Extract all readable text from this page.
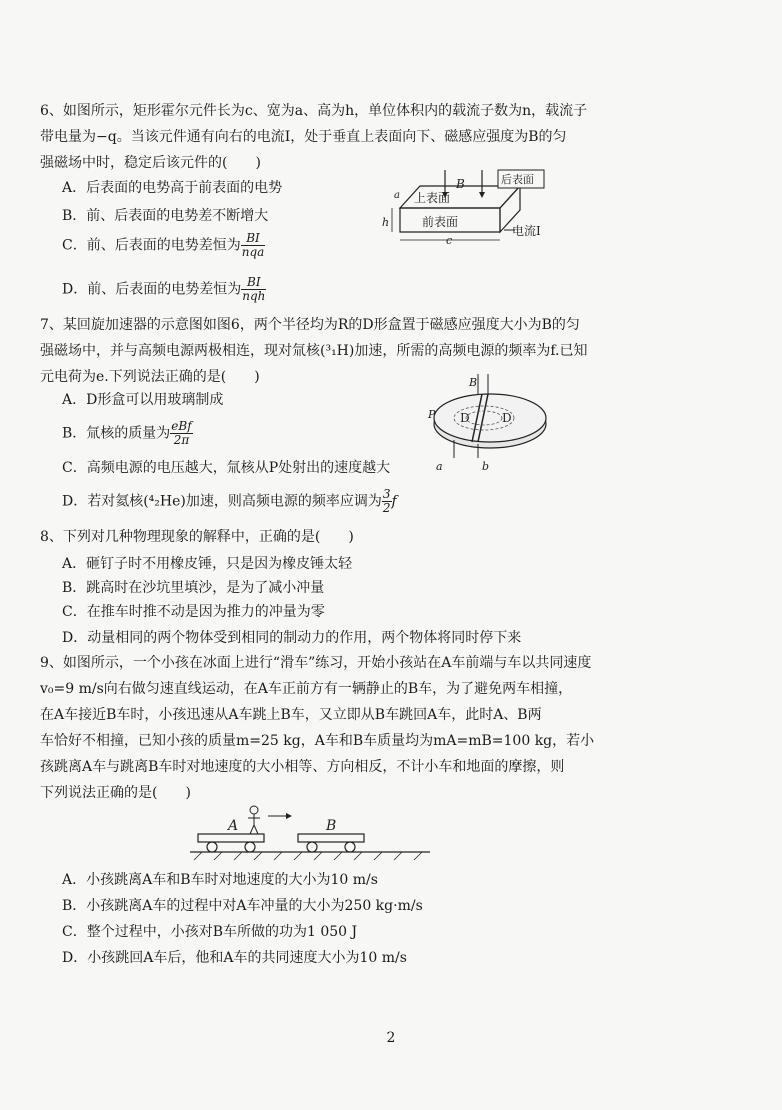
6、如图所示，矩形霍尔元件长为c、宽为a、高为h，单位体积内的载流子数为n，载流子

带电量为−q。当该元件通有向右的电流I，处于垂直上表面向下、磁感应强度为B的匀

强磁场中时，稳定后该元件的(　　)

A．后表面的电势高于前表面的电势
B．前、后表面的电势差不断增大
C．前、后表面的电势差恒为 $\frac{BI}{\text{nqa}}$
D．前、后表面的电势差恒为 $\frac{BI}{\text{nqh}}$
B	后表面
上表面
前表面
a
h
c
电流I

7、某回旋加速器的示意图如图6，两个半径均为R的D形盒置于磁感应强度大小为B的匀

强磁场中，并与高频电源两极相连，现对氚核(³₁H)加速，所需的高频电源的频率为f.已知

元电荷为e.下列说法正确的是(　　)

A．D形盒可以用玻璃制成
B．氚核的质量为 $\frac{\text{eBf}}{2\pi}$
C．高频电源的电压越大，氚核从P处射出的速度越大
D．若对氦核(⁴₂He)加速，则高频电源的频率应调为 $\frac{3}{2}$ f
B
P D	D
a	b

8、下列对几种物理现象的解释中，正确的是(　　)

A．砸钉子时不用橡皮锤，只是因为橡皮锤太轻
B．跳高时在沙坑里填沙，是为了减小冲量
C．在推车时推不动是因为推力的冲量为零
D．动量相同的两个物体受到相同的制动力的作用，两个物体将同时停下来

9、如图所示，一个小孩在冰面上进行“滑车”练习，开始小孩站在A车前端与车以共同速度

v₀=9 m/s向右做匀速直线运动，在A车正前方有一辆静止的B车，为了避免两车相撞，

在A车接近B车时，小孩迅速从A车跳上B车，又立即从B车跳回A车，此时A、B两

车恰好不相撞，已知小孩的质量m=25 kg，A车和B车质量均为mA=mB=100 kg，若小

孩跳离A车与跳离B车时对地速度的大小相等、方向相反，不计小车和地面的摩擦，则

下列说法正确的是(　　)

A	B
A．小孩跳离A车和B车时对地速度的大小为10 m/s
B．小孩跳离A车的过程中对A车冲量的大小为250 kg·m/s
C．整个过程中，小孩对B车所做的功为1 050 J
D．小孩跳回A车后，他和A车的共同速度大小为10 m/s
2
